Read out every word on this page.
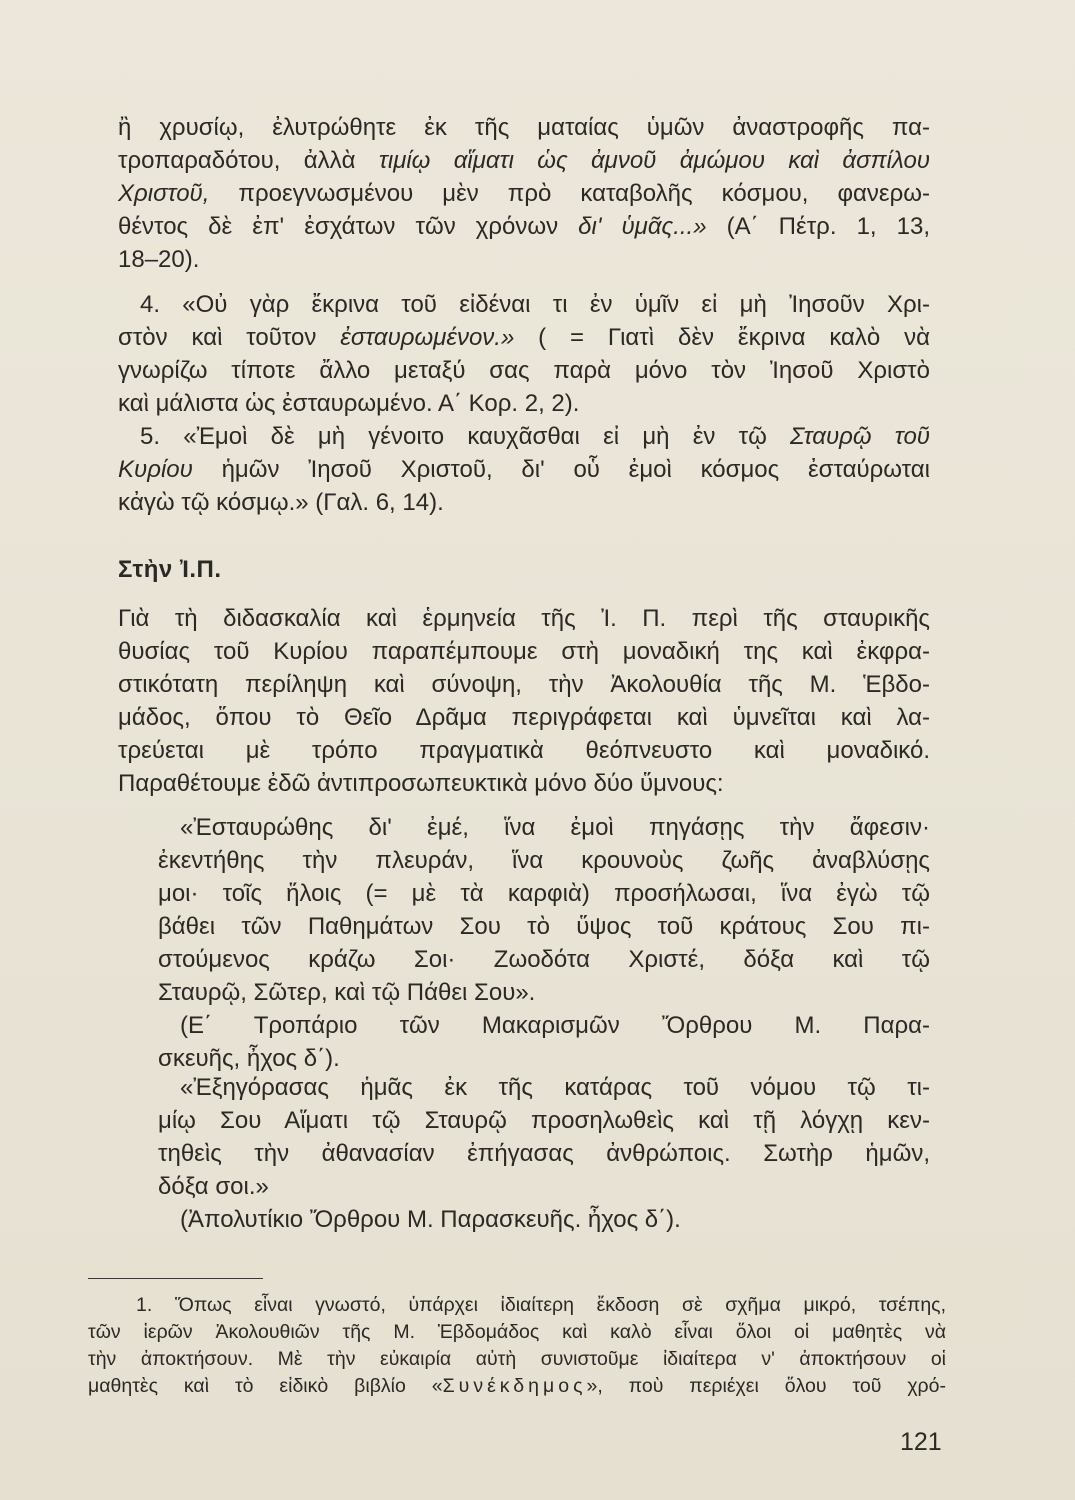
ἢ χρυσίῳ, ἐλυτρώθητε ἐκ τῆς ματαίας ὑμῶν ἀναστροφῆς πα-
τροπαραδότου, ἀλλὰ τιμίῳ αἵματι ὡς ἀμνοῦ ἀμώμου καὶ ἀσπίλου
Χριστοῦ, προεγνωσμένου μὲν πρὸ καταβολῆς κόσμου, φανερω-
θέντος δὲ ἐπ' ἐσχάτων τῶν χρόνων δι' ὑμᾶς...» (Α΄ Πέτρ. 1, 13,
18–20).
4. «Οὐ γὰρ ἔκρινα τοῦ εἰδέναι τι ἐν ὑμῖν εἰ μὴ Ἰησοῦν Χρι-
στὸν καὶ τοῦτον ἐσταυρωμένον.» ( = Γιατὶ δὲν ἔκρινα καλὸ νὰ
γνωρίζω τίποτε ἄλλο μεταξύ σας παρὰ μόνο τὸν Ἰησοῦ Χριστὸ
καὶ μάλιστα ὡς ἐσταυρωμένο. Α΄ Κορ. 2, 2).
5. «Ἐμοὶ δὲ μὴ γένοιτο καυχᾶσθαι εἰ μὴ ἐν τῷ Σταυρῷ τοῦ
Κυρίου ἡμῶν Ἰησοῦ Χριστοῦ, δι' οὗ ἐμοὶ κόσμος ἐσταύρωται
κἀγὼ τῷ κόσμῳ.» (Γαλ. 6, 14).
Στὴν Ἰ.Π.
Γιὰ τὴ διδασκαλία καὶ ἑρμηνεία τῆς Ἰ. Π. περὶ τῆς σταυρικῆς
θυσίας τοῦ Κυρίου παραπέμπουμε στὴ μοναδική της καὶ ἐκφρα-
στικότατη περίληψη καὶ σύνοψη, τὴν Ἀκολουθία τῆς Μ. Ἑβδο-
μάδος, ὅπου τὸ Θεῖο Δρᾶμα περιγράφεται καὶ ὑμνεῖται καὶ λα-
τρεύεται μὲ τρόπο πραγματικὰ θεόπνευστο καὶ μοναδικό.
Παραθέτουμε ἐδῶ ἀντιπροσωπευκτικὰ μόνο δύο ὕμνους:
«Ἐσταυρώθης δι' ἐμέ, ἵνα ἐμοὶ πηγάσῃς τὴν ἄφεσιν·
ἐκεντήθης τὴν πλευράν, ἵνα κρουνοὺς ζωῆς ἀναβλύσῃς
μοι· τοῖς ἥλοις (= μὲ τὰ καρφιὰ) προσήλωσαι, ἵνα ἐγὼ τῷ
βάθει τῶν Παθημάτων Σου τὸ ὕψος τοῦ κράτους Σου πι-
στούμενος κράζω Σοι· Ζωοδότα Χριστέ, δόξα καὶ τῷ
Σταυρῷ, Σῶτερ, καὶ τῷ Πάθει Σου».
(Ε΄ Τροπάριο τῶν Μακαρισμῶν Ὄρθρου Μ. Παρα-
σκευῆς, ἦχος δ΄).
«Ἐξηγόρασας ἡμᾶς ἐκ τῆς κατάρας τοῦ νόμου τῷ τι-
μίῳ Σου Αἵματι τῷ Σταυρῷ προσηλωθεὶς καὶ τῇ λόγχῃ κεν-
τηθεὶς τὴν ἀθανασίαν ἐπήγασας ἀνθρώποις. Σωτὴρ ἡμῶν,
δόξα σοι.»
(Ἀπολυτίκιο Ὄρθρου Μ. Παρασκευῆς. ἦχος δ΄).
1. Ὅπως εἶναι γνωστό, ὑπάρχει ἰδιαίτερη ἔκδοση σὲ σχῆμα μικρό, τσέπης,
τῶν ἱερῶν Ἀκολουθιῶν τῆς Μ. Ἑβδομάδος καὶ καλὸ εἶναι ὅλοι οἱ μαθητὲς νὰ
τὴν ἀποκτήσουν. Μὲ τὴν εὐκαιρία αὐτὴ συνιστοῦμε ἰδιαίτερα ν' ἀποκτήσουν οἱ
μαθητὲς καὶ τὸ εἰδικὸ βιβλίο «Συνέκδημος», ποὺ περιέχει ὅλου τοῦ χρό-
121
